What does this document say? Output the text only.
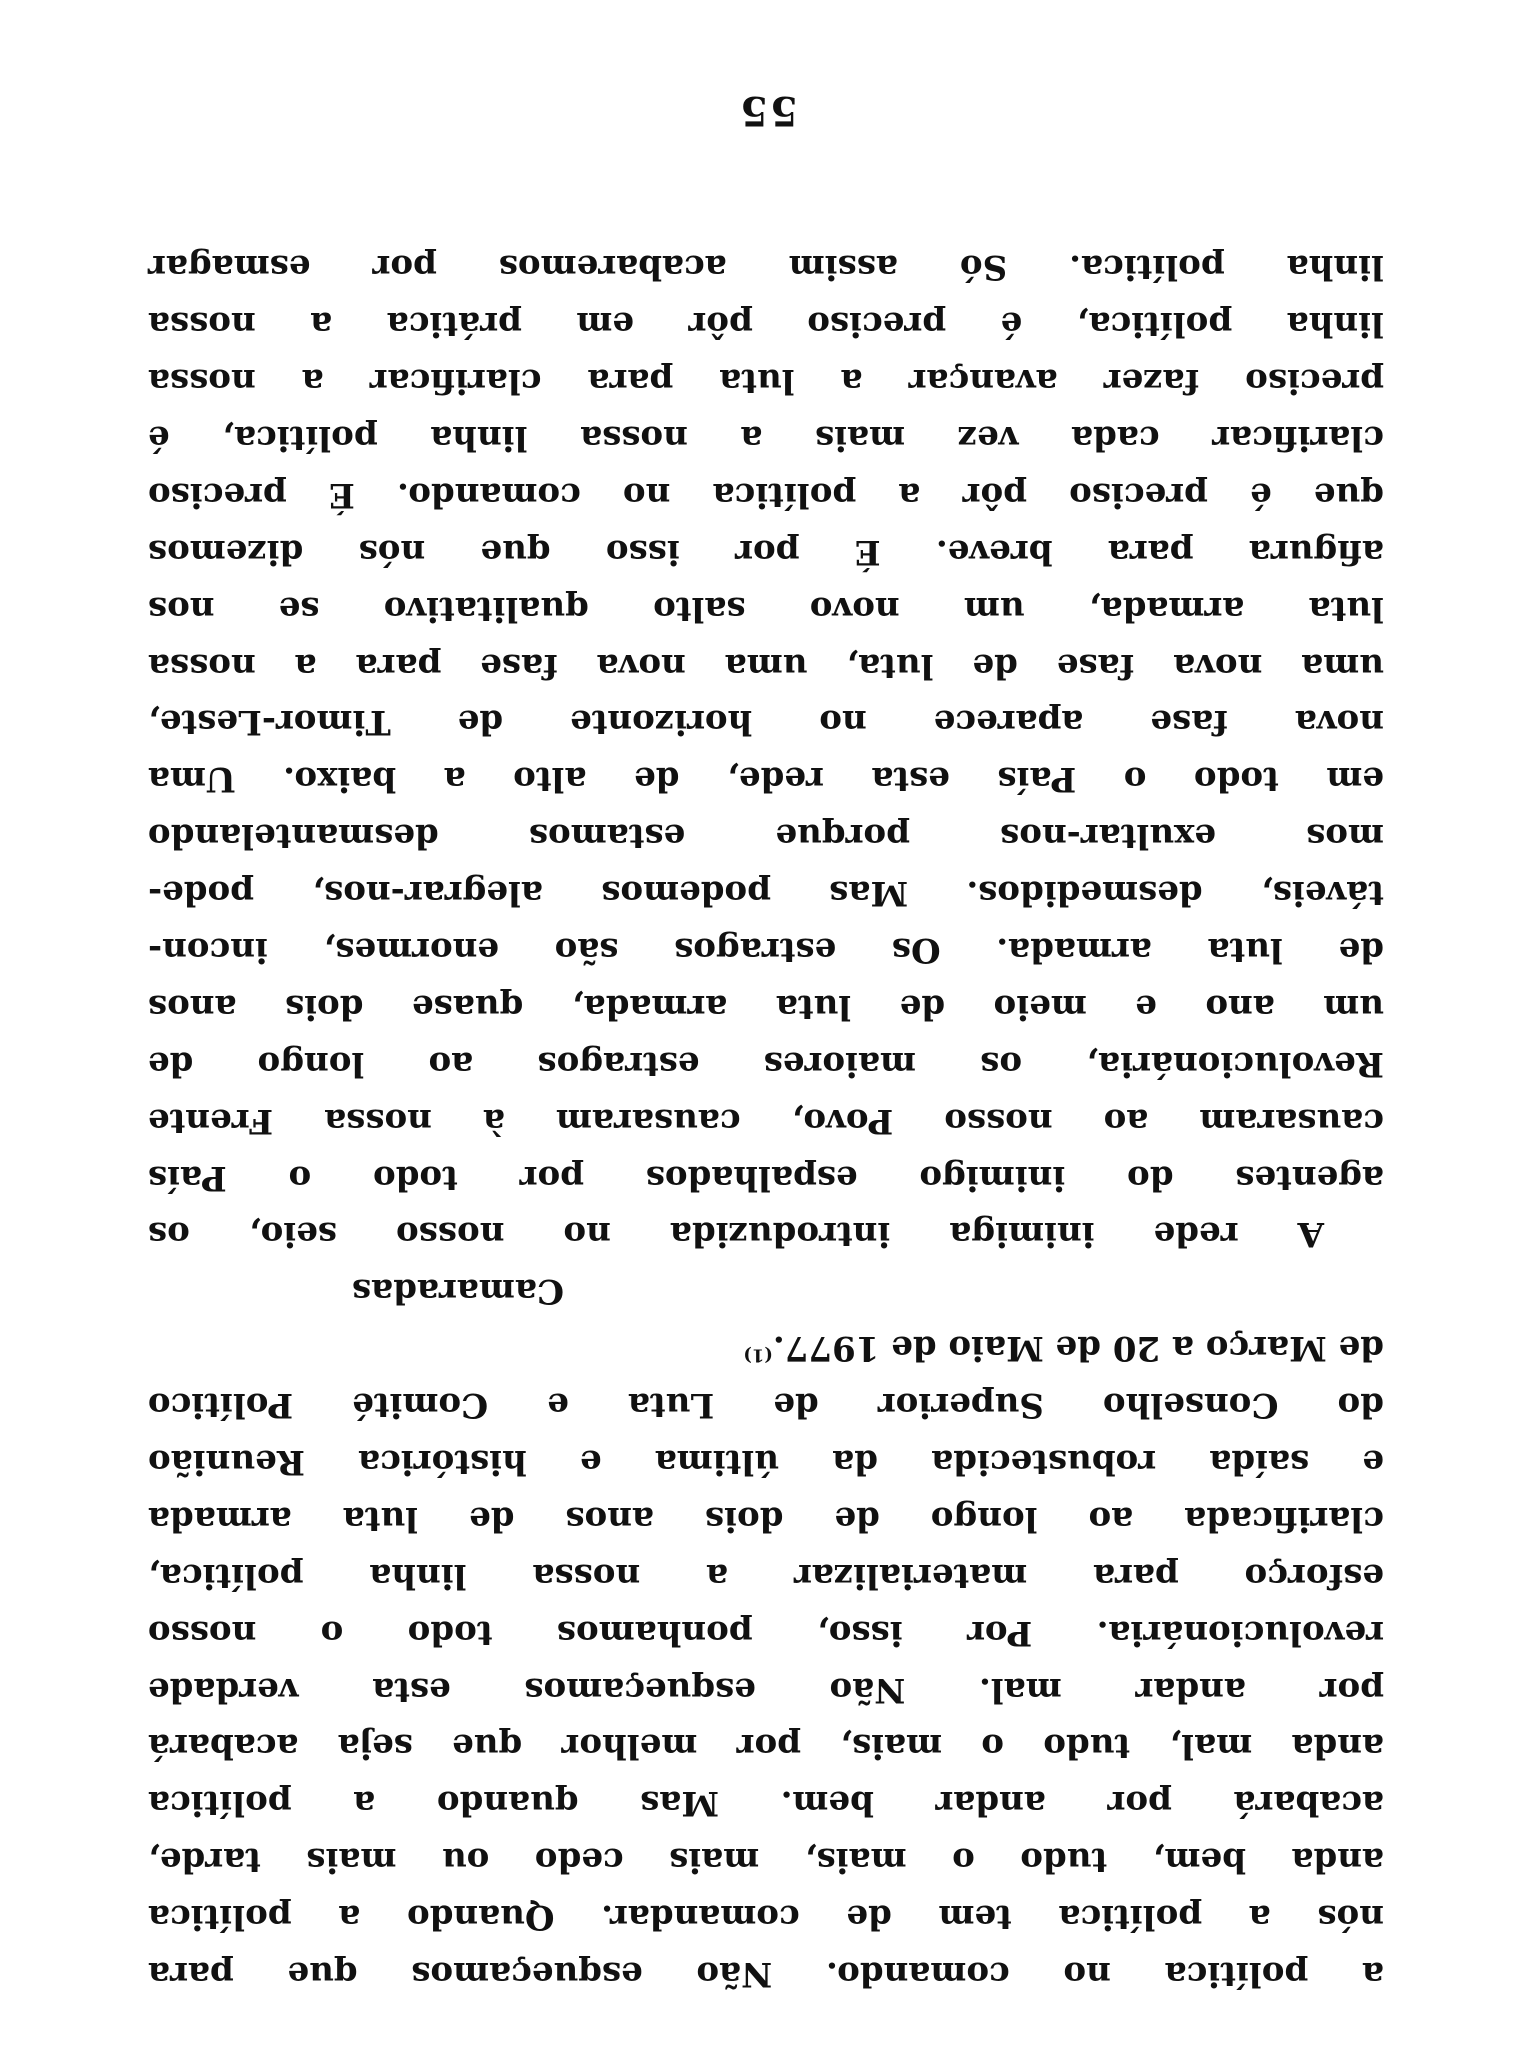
a política no comando. Não esqueçamos que para
nós a política tem de comandar. Quando a política
anda bem, tudo o mais, mais cedo ou mais tarde,
acabará por andar bem. Mas quando a política
anda mal, tudo o mais, por melhor que seja acabará
por andar mal. Não esqueçamos esta verdade
revolucionária. Por isso, ponhamos todo o nosso
esforço para materializar a nossa linha política,
clarificada ao longo de dois anos de luta armada
e saída robustecida da última e histórica Reunião
do Conselho Superior de Luta e Comité Político
de Março a 20 de Maio de 1977.$^{(1)}$
Camaradas
A rede inimiga introduzida no nosso seio, os
agentes do inimigo espalhados por todo o País
causaram ao nosso Povo, causaram à nossa Frente
Revolucionária, os maiores estragos ao longo de
um ano e meio de luta armada, quase dois anos
de luta armada. Os estragos são enormes, incon-
táveis, desmedidos. Mas podemos alegrar-nos, pode-
mos exultar-nos porque estamos desmantelando
em todo o País esta rede, de alto a baixo. Uma
nova fase aparece no horizonte de Timor-Leste,
uma nova fase de luta, uma nova fase para a nossa
luta armada, um novo salto qualitativo se nos
afigura para breve. É por isso que nós dizemos
que é preciso pôr a política no comando. É preciso
clarificar cada vez mais a nossa linha política, é
preciso fazer avançar a luta para clarificar a nossa
linha política, é preciso pôr em prática a nossa
linha política. Só assim acabaremos por esmagar
55
